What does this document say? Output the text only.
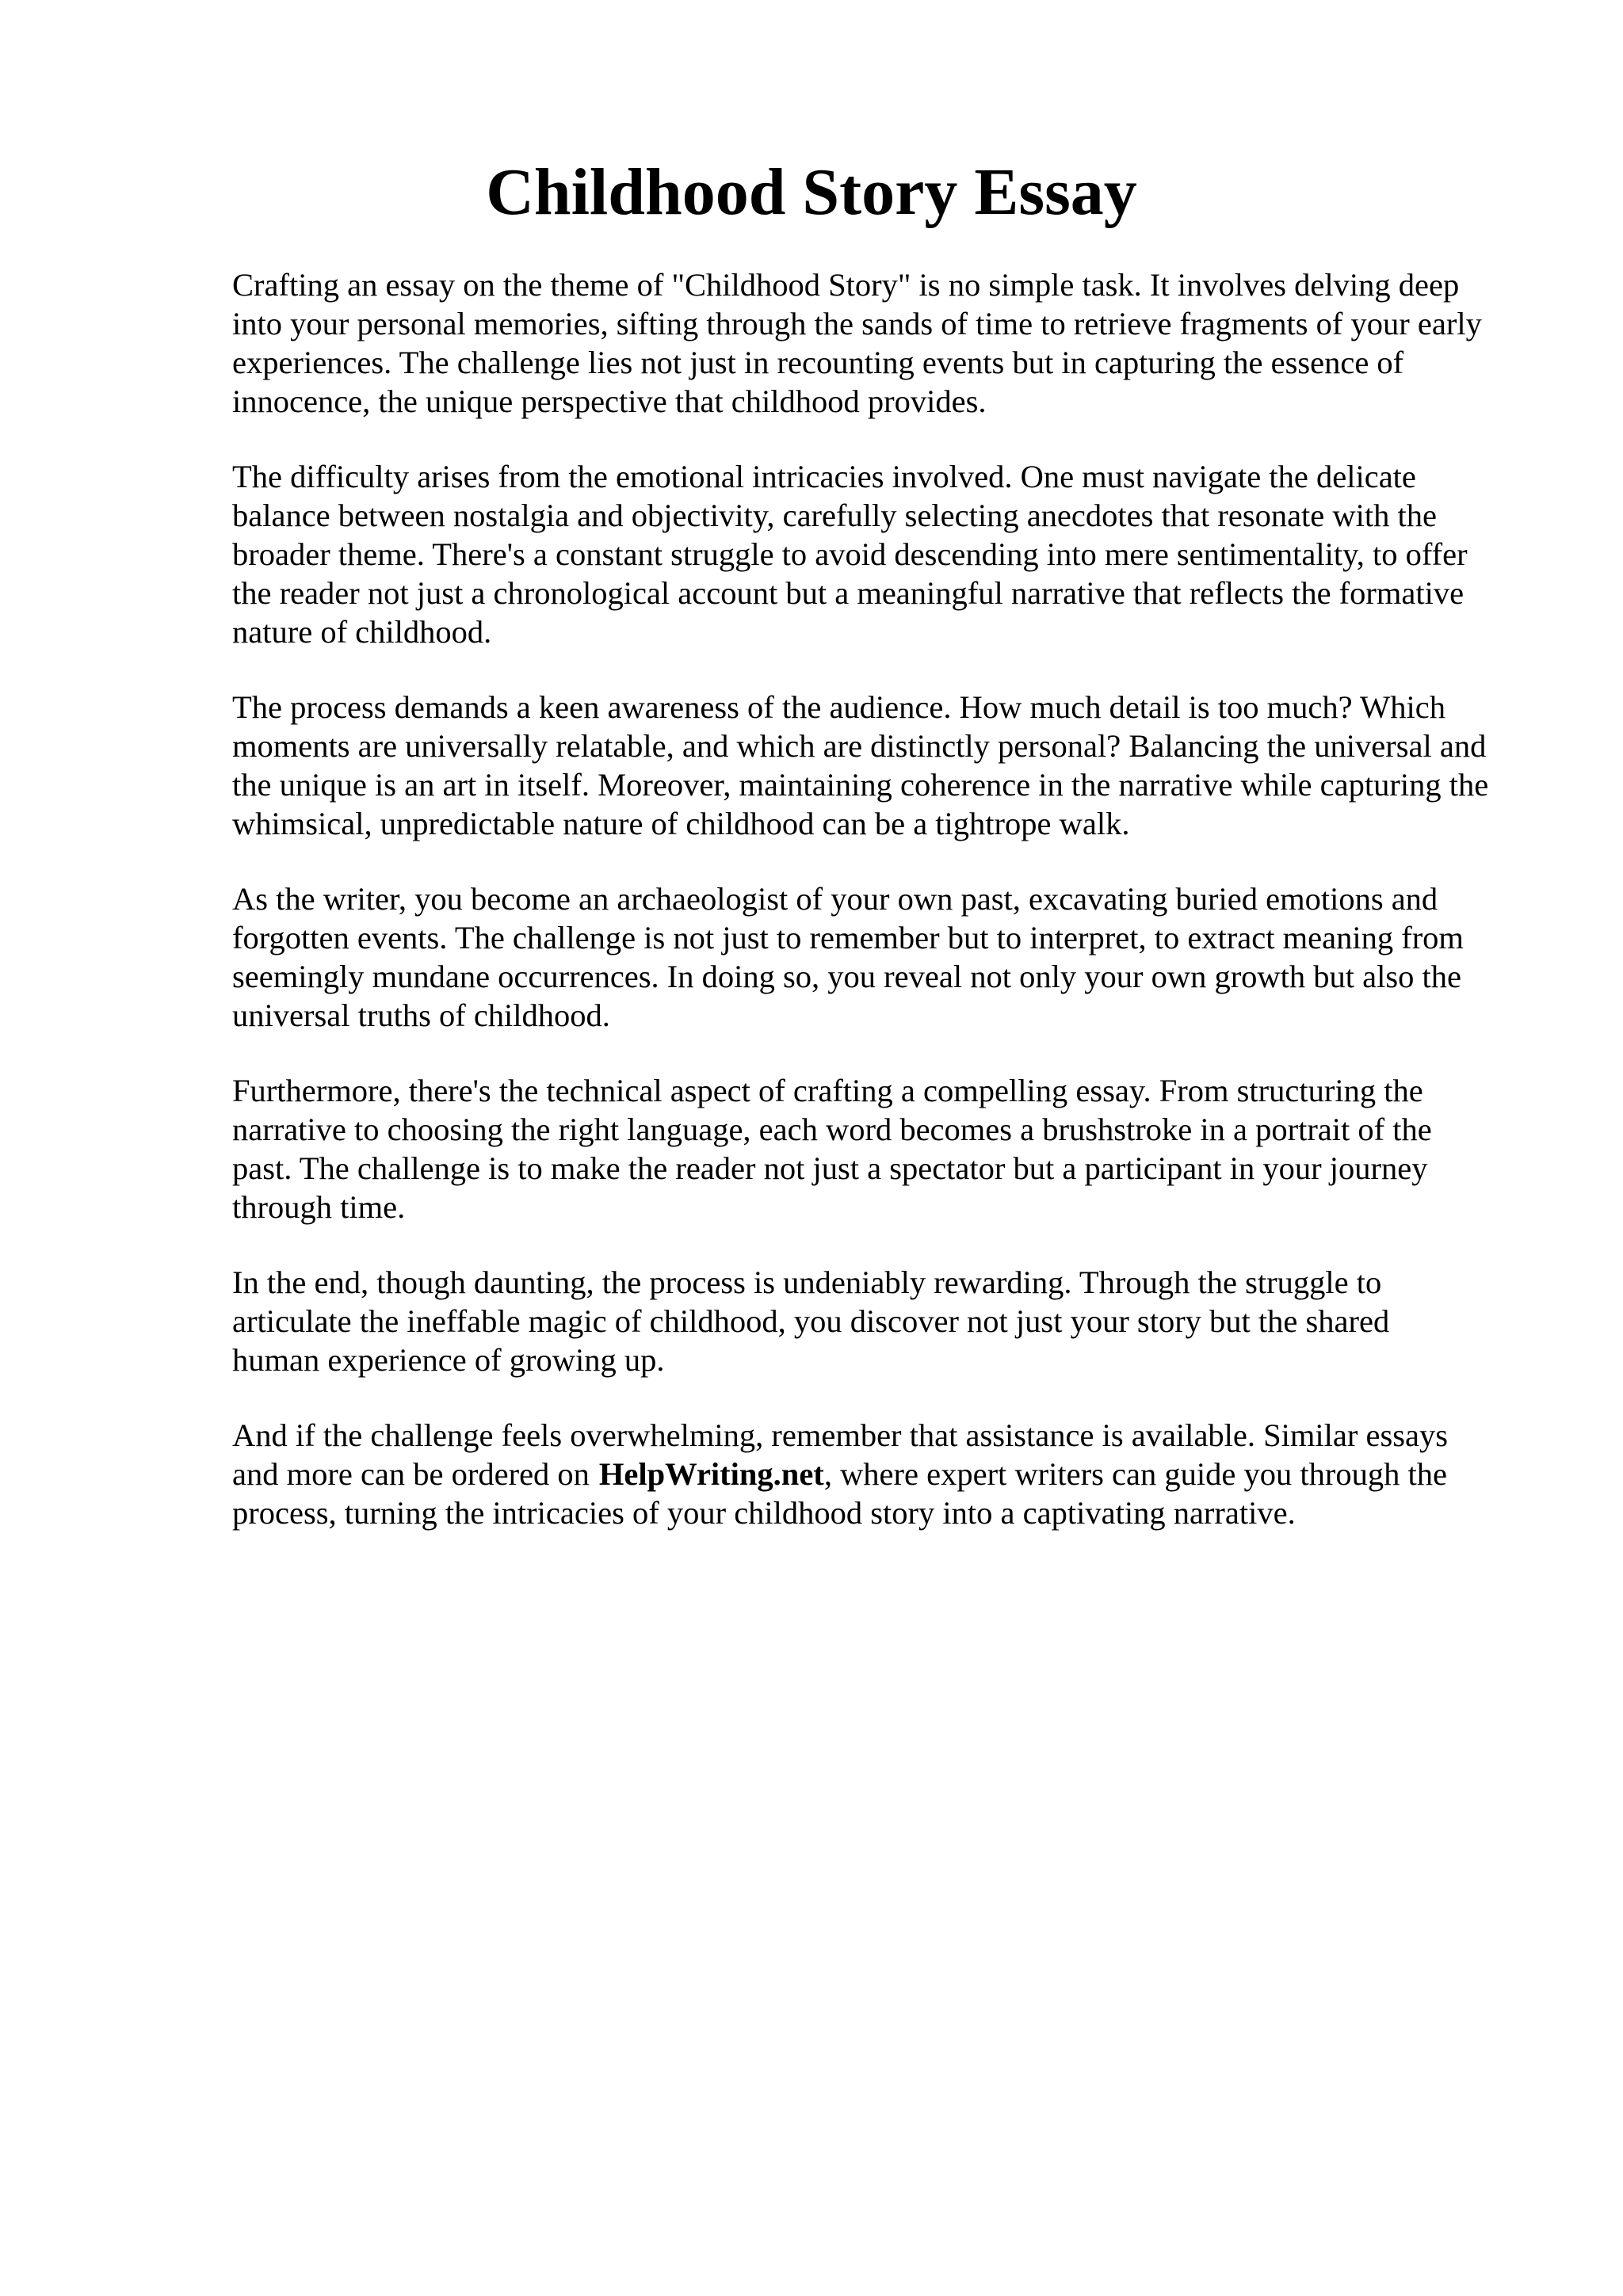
Childhood Story Essay

Crafting an essay on the theme of "Childhood Story" is no simple task. It involves delving deep
into your personal memories, sifting through the sands of time to retrieve fragments of your early
experiences. The challenge lies not just in recounting events but in capturing the essence of
innocence, the unique perspective that childhood provides.

The difficulty arises from the emotional intricacies involved. One must navigate the delicate
balance between nostalgia and objectivity, carefully selecting anecdotes that resonate with the
broader theme. There's a constant struggle to avoid descending into mere sentimentality, to offer
the reader not just a chronological account but a meaningful narrative that reflects the formative
nature of childhood.

The process demands a keen awareness of the audience. How much detail is too much? Which
moments are universally relatable, and which are distinctly personal? Balancing the universal and
the unique is an art in itself. Moreover, maintaining coherence in the narrative while capturing the
whimsical, unpredictable nature of childhood can be a tightrope walk.

As the writer, you become an archaeologist of your own past, excavating buried emotions and
forgotten events. The challenge is not just to remember but to interpret, to extract meaning from
seemingly mundane occurrences. In doing so, you reveal not only your own growth but also the
universal truths of childhood.

Furthermore, there's the technical aspect of crafting a compelling essay. From structuring the
narrative to choosing the right language, each word becomes a brushstroke in a portrait of the
past. The challenge is to make the reader not just a spectator but a participant in your journey
through time.

In the end, though daunting, the process is undeniably rewarding. Through the struggle to
articulate the ineffable magic of childhood, you discover not just your story but the shared
human experience of growing up.

And if the challenge feels overwhelming, remember that assistance is available. Similar essays
and more can be ordered on HelpWriting.net, where expert writers can guide you through the
process, turning the intricacies of your childhood story into a captivating narrative.
